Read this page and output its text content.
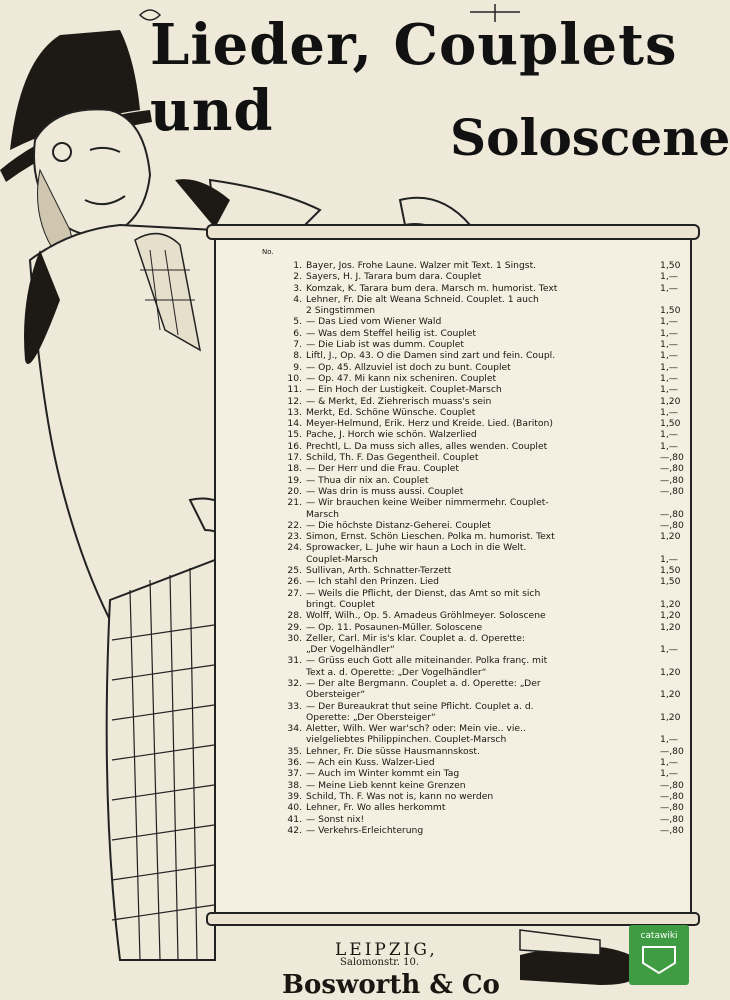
Lieder, Couplets und	Soloscene
No.
1. Bayer, Jos. Frohe Laune. Walzer mit Text. 1 Singst.	1,50
2. Sayers, H. J. Tarara bum dara. Couplet	1,—
3. Komzak, K. Tarara bum dera. Marsch m. humorist. Text	1,—
4. Lehner, Fr. Die alt Weana Schneid. Couplet. 1 auch
2 Singstimmen	1,50
5. — Das Lied vom Wiener Wald	1,—
6. — Was dem Steffel heilig ist. Couplet	1,—
7. — Die Liab ist was dumm. Couplet	1,—
8. Liftl, J., Op. 43. O die Damen sind zart und fein. Coupl.	1,—
9. — Op. 45. Allzuviel ist doch zu bunt. Couplet	1,—
10. — Op. 47. Mi kann nix scheniren. Couplet	1,—
11. — Ein Hoch der Lustigkeit. Couplet-Marsch	1,—
12. — & Merkt, Ed. Ziehrerisch muass's sein	1,20
13. Merkt, Ed. Schöne Wünsche. Couplet	1,—
14. Meyer-Helmund, Erik. Herz und Kreide. Lied. (Bariton)	1,50
15. Pache, J. Horch wie schön. Walzerlied	1,—
16. Prechtl, L. Da muss sich alles, alles wenden. Couplet	1,—
17. Schild, Th. F. Das Gegentheil. Couplet	—,80
18. — Der Herr und die Frau. Couplet	—,80
19. — Thua dir nix an. Couplet	—,80
20. — Was drin is muss aussi. Couplet	—,80
21. — Wir brauchen keine Weiber nimmermehr. Couplet-
Marsch	—,80
22. — Die höchste Distanz-Geherei. Couplet	—,80
23. Simon, Ernst. Schön Lieschen. Polka m. humorist. Text	1,20
24. Sprowacker, L. Juhe wir haun a Loch in die Welt.
Couplet-Marsch	1,—
25. Sullivan, Arth. Schnatter-Terzett	1,50
26. — Ich stahl den Prinzen. Lied	1,50
27. — Weils die Pflicht, der Dienst, das Amt so mit sich
bringt. Couplet	1,20
28. Wolff, Wilh., Op. 5. Amadeus Gröhlmeyer. Soloscene	1,20
29. — Op. 11. Posaunen-Müller. Soloscene	1,20
30. Zeller, Carl. Mir is's klar. Couplet a. d. Operette:
„Der Vogelhändler“	1,—
31. — Grüss euch Gott alle miteinander. Polka franç. mit
Text a. d. Operette: „Der Vogelhändler“	1,20
32. — Der alte Bergmann. Couplet a. d. Operette: „Der
Obersteiger“	1,20
33. — Der Bureaukrat thut seine Pflicht. Couplet a. d.
Operette: „Der Obersteiger“	1,20
34. Aletter, Wilh. Wer war'sch? oder: Mein vie.. vie..
vielgeliebtes Philippinchen. Couplet-Marsch	1,—
35. Lehner, Fr. Die süsse Hausmannskost.	—,80
36. — Ach ein Kuss. Walzer-Lied	1,—
37. — Auch im Winter kommt ein Tag	1,—
38. — Meine Lieb kennt keine Grenzen	—,80
39. Schild, Th. F. Was not is, kann no werden	—,80
40. Lehner, Fr. Wo alles herkommt	—,80
41. — Sonst nix!	—,80
42. — Verkehrs-Erleichterung	—,80
LEIPZIG,
Salomonstr. 10.
Bosworth & Co
catawiki
